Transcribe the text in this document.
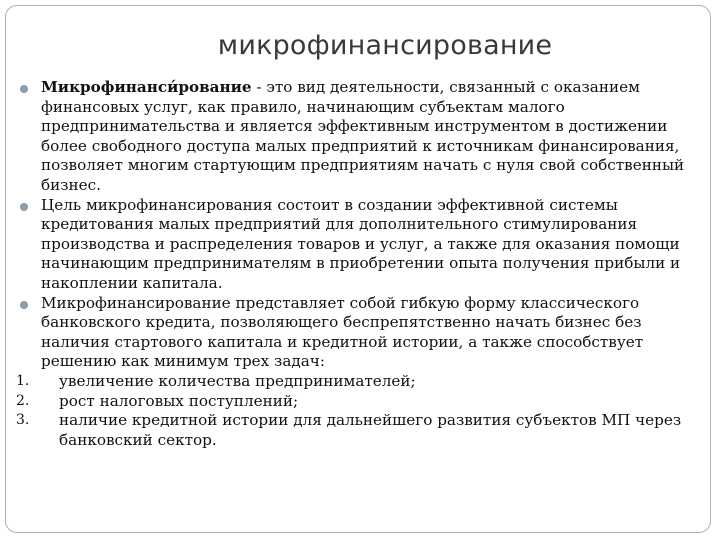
микрофинансирование
Микрофинанси́рование - это вид деятельности, связанный с оказанием финансовых услуг, как правило, начинающим субъектам малого предпринимательства и является эффективным инструментом в достижении более свободного доступа малых предприятий к источникам финансирования, позволяет многим стартующим предприятиям начать с нуля свой собственный бизнес.
Цель микрофинансирования состоит в создании эффективной системы кредитования малых предприятий для дополнительного стимулирования производства и распределения товаров и услуг, а также для оказания помощи начинающим предпринимателям в приобретении опыта получения прибыли и накоплении капитала.
Микрофинансирование представляет собой гибкую форму классического банковского кредита, позволяющего беспрепятственно начать бизнес без наличия стартового капитала и кредитной истории, а также способствует решению как минимум трех задач:
1.	увеличение количества предпринимателей;
2.	рост налоговых поступлений;
3.	наличие кредитной истории для дальнейшего развития субъектов МП через банковский сектор.
